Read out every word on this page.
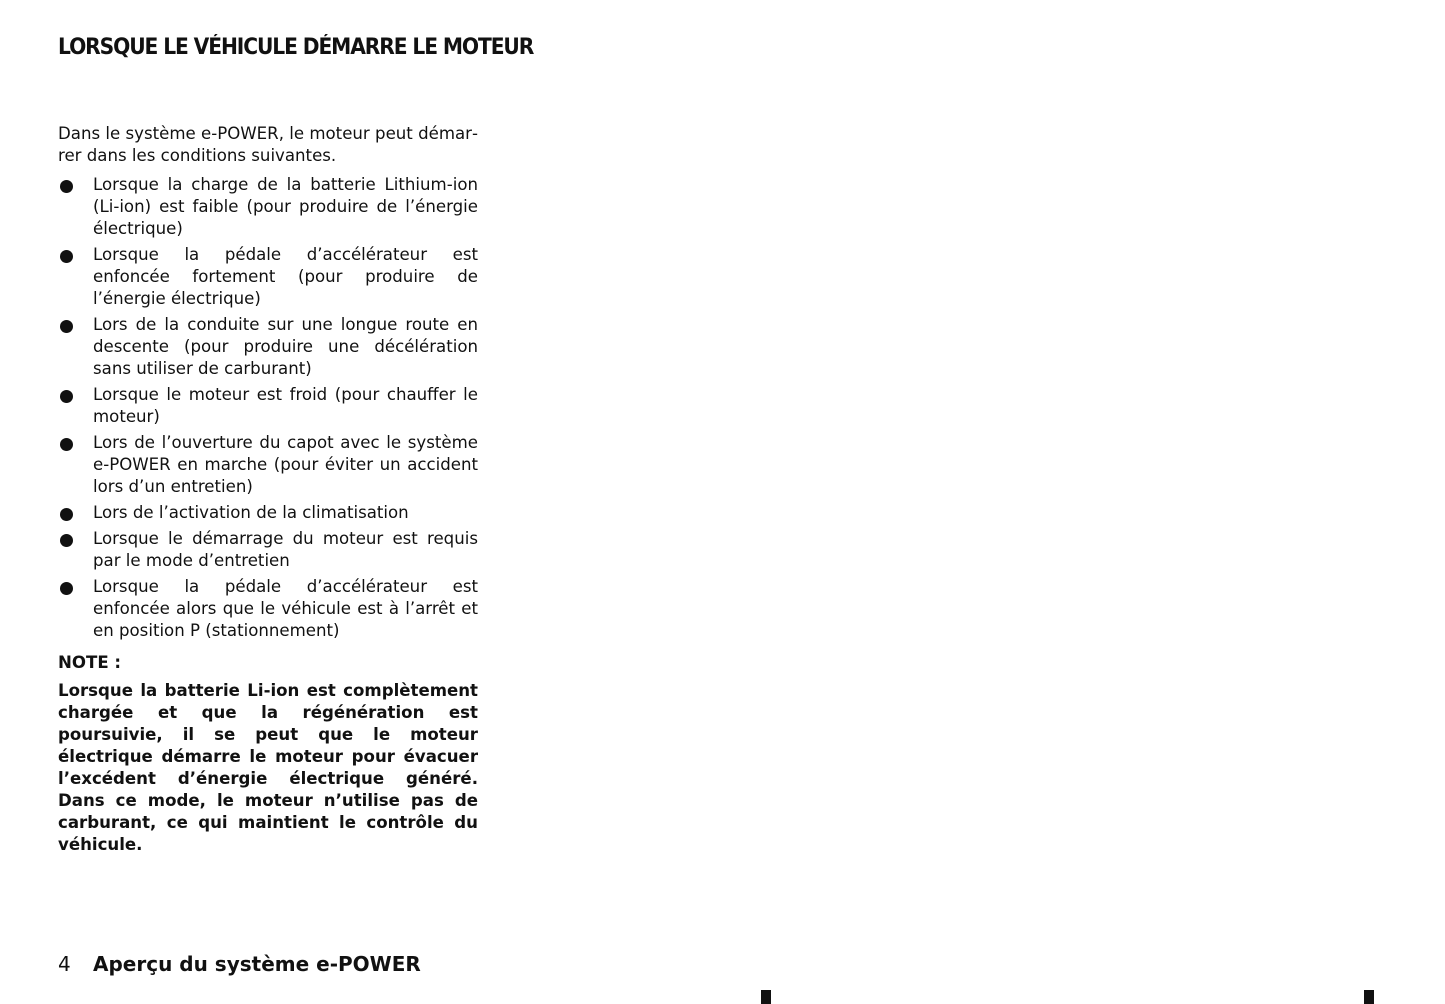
LORSQUE LE VÉHICULE DÉMARRE LE MOTEUR

Dans le système e-POWER, le moteur peut démarrer dans les conditions suivantes.

Lorsque la charge de la batterie Lithium-ion (Li-ion) est faible (pour produire de l’énergie électrique)
Lorsque la pédale d’accélérateur est enfoncée fortement (pour produire de l’énergie électrique)
Lors de la conduite sur une longue route en descente (pour produire une décélération sans utiliser de carburant)
Lorsque le moteur est froid (pour chauffer le moteur)
Lors de l’ouverture du capot avec le système e-POWER en marche (pour éviter un accident lors d’un entretien)
Lors de l’activation de la climatisation
Lorsque le démarrage du moteur est requis par le mode d’entretien
Lorsque la pédale d’accélérateur est enfoncée alors que le véhicule est à l’arrêt et en position P (stationnement)

NOTE :

Lorsque la batterie Li-ion est complètement chargée et que la régénération est poursuivie, il se peut que le moteur électrique démarre le moteur pour évacuer l’excédent d’énergie électrique généré. Dans ce mode, le moteur n’utilise pas de carburant, ce qui maintient le contrôle du véhicule.

4 Aperçu du système e-POWER
